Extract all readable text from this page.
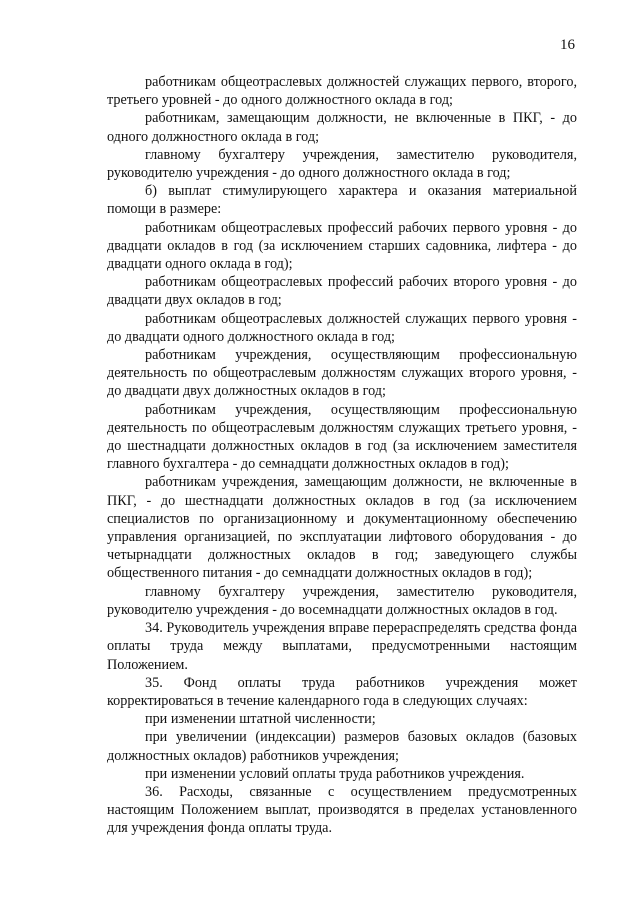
16

работникам общеотраслевых должностей служащих первого, второго, третьего уровней - до одного должностного оклада в год;

работникам, замещающим должности, не включенные в ПКГ, - до одного должностного оклада в год;

главному бухгалтеру учреждения, заместителю руководителя, руководителю учреждения - до одного должностного оклада в год;

б) выплат стимулирующего характера и оказания материальной помощи в размере:

работникам общеотраслевых профессий рабочих первого уровня - до двадцати окладов в год (за исключением старших садовника, лифтера - до двадцати одного оклада в год);

работникам общеотраслевых профессий рабочих второго уровня - до двадцати двух окладов в год;

работникам общеотраслевых должностей служащих первого уровня - до двадцати одного должностного оклада в год;

работникам учреждения, осуществляющим профессиональную деятельность по общеотраслевым должностям служащих второго уровня, - до двадцати двух должностных окладов в год;

работникам учреждения, осуществляющим профессиональную деятельность по общеотраслевым должностям служащих третьего уровня, - до шестнадцати должностных окладов в год (за исключением заместителя главного бухгалтера - до семнадцати должностных окладов в год);

работникам учреждения, замещающим должности, не включенные в ПКГ, - до шестнадцати должностных окладов в год (за исключением специалистов по организационному и документационному обеспечению управления организацией, по эксплуатации лифтового оборудования - до четырнадцати должностных окладов в год; заведующего службы общественного питания - до семнадцати должностных окладов в год);

главному бухгалтеру учреждения, заместителю руководителя, руководителю учреждения - до восемнадцати должностных окладов в год.

34. Руководитель учреждения вправе перераспределять средства фонда оплаты труда между выплатами, предусмотренными настоящим Положением.

35. Фонд оплаты труда работников учреждения может корректироваться в течение календарного года в следующих случаях:

при изменении штатной численности;

при увеличении (индексации) размеров базовых окладов (базовых должностных окладов) работников учреждения;

при изменении условий оплаты труда работников учреждения.

36. Расходы, связанные с осуществлением предусмотренных настоящим Положением выплат, производятся в пределах установленного для учреждения фонда оплаты труда.
